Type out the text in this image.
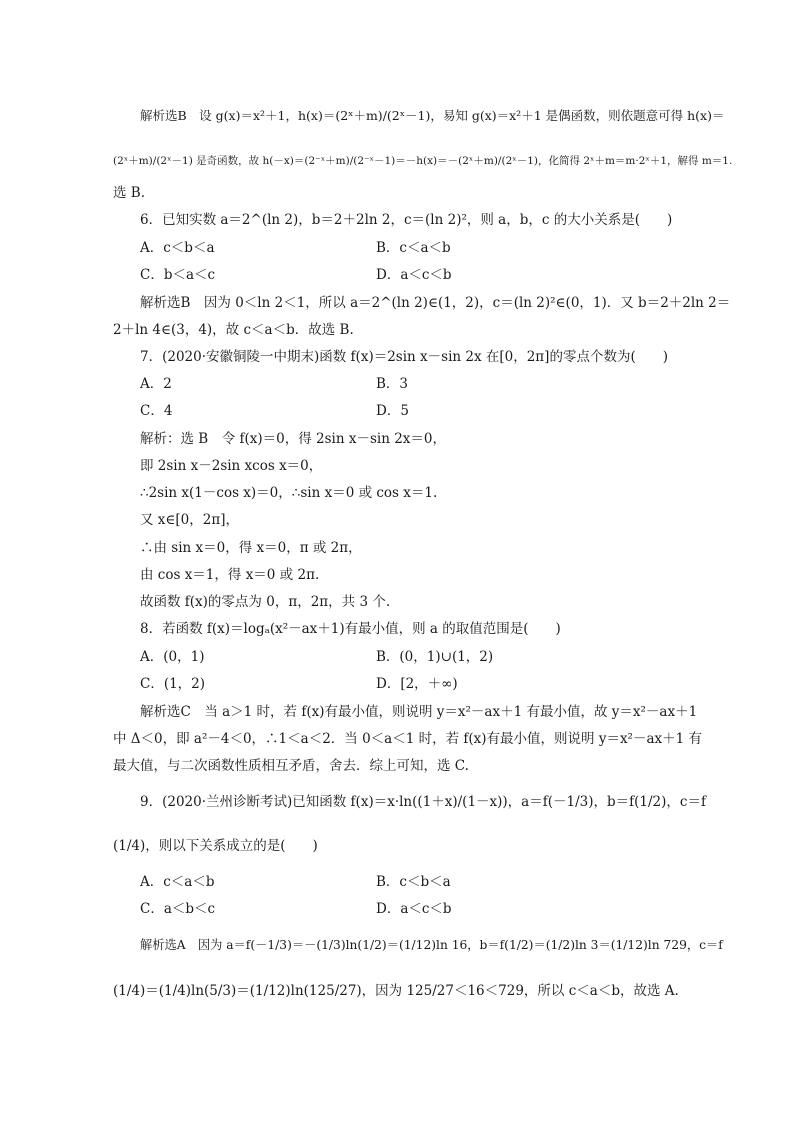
解析选B　设 g(x)＝x²＋1，h(x)＝(2ˣ＋m)/(2ˣ－1)，易知 g(x)＝x²＋1 是偶函数，则依题意可得 h(x)＝
(2ˣ＋m)/(2ˣ－1) 是奇函数，故 h(－x)＝(2⁻ˣ＋m)/(2⁻ˣ－1)＝－h(x)＝－(2ˣ＋m)/(2ˣ－1)，化简得 2ˣ＋m＝m·2ˣ＋1，解得 m＝1.
选 B.
6．已知实数 a＝2^(ln 2)，b＝2＋2ln 2，c＝(ln 2)²，则 a，b，c 的大小关系是(　　)
A．c＜b＜a	B．c＜a＜b
C．b＜a＜c	D．a＜c＜b
解析选B　因为 0＜ln 2＜1，所以 a＝2^(ln 2)∈(1，2)，c＝(ln 2)²∈(0，1)．又 b＝2＋2ln 2＝
2＋ln 4∈(3，4)，故 c＜a＜b．故选 B.
7．(2020·安徽铜陵一中期末)函数 f(x)＝2sin x－sin 2x 在[0，2π]的零点个数为(　　)
A．2	B．3
C．4	D．5
解析：选 B　令 f(x)＝0，得 2sin x－sin 2x＝0，
即 2sin x－2sin xcos x＝0，
∴2sin x(1－cos x)＝0，∴sin x＝0 或 cos x＝1.
又 x∈[0，2π]，
∴由 sin x＝0，得 x＝0，π 或 2π，
由 cos x＝1，得 x＝0 或 2π.
故函数 f(x)的零点为 0，π，2π，共 3 个.
8．若函数 f(x)＝logₐ(x²－ax＋1)有最小值，则 a 的取值范围是(　　)
A．(0，1)	B．(0，1)∪(1，2)
C．(1，2)	D．[2，＋∞)
解析选C　当 a＞1 时，若 f(x)有最小值，则说明 y＝x²－ax＋1 有最小值，故 y＝x²－ax＋1
中 Δ＜0，即 a²－4＜0，∴1＜a＜2．当 0＜a＜1 时，若 f(x)有最小值，则说明 y＝x²－ax＋1 有
最大值，与二次函数性质相互矛盾，舍去．综上可知，选 C.
9．(2020·兰州诊断考试)已知函数 f(x)＝x·ln((1＋x)/(1－x))，a＝f(－1/3)，b＝f(1/2)，c＝f
(1/4)，则以下关系成立的是(　　)
A．c＜a＜b	B．c＜b＜a
C．a＜b＜c	D．a＜c＜b
解析选A　因为 a＝f(－1/3)＝－(1/3)ln(1/2)＝(1/12)ln 16，b＝f(1/2)＝(1/2)ln 3＝(1/12)ln 729，c＝f
(1/4)＝(1/4)ln(5/3)＝(1/12)ln(125/27)，因为 125/27＜16＜729，所以 c＜a＜b，故选 A.
